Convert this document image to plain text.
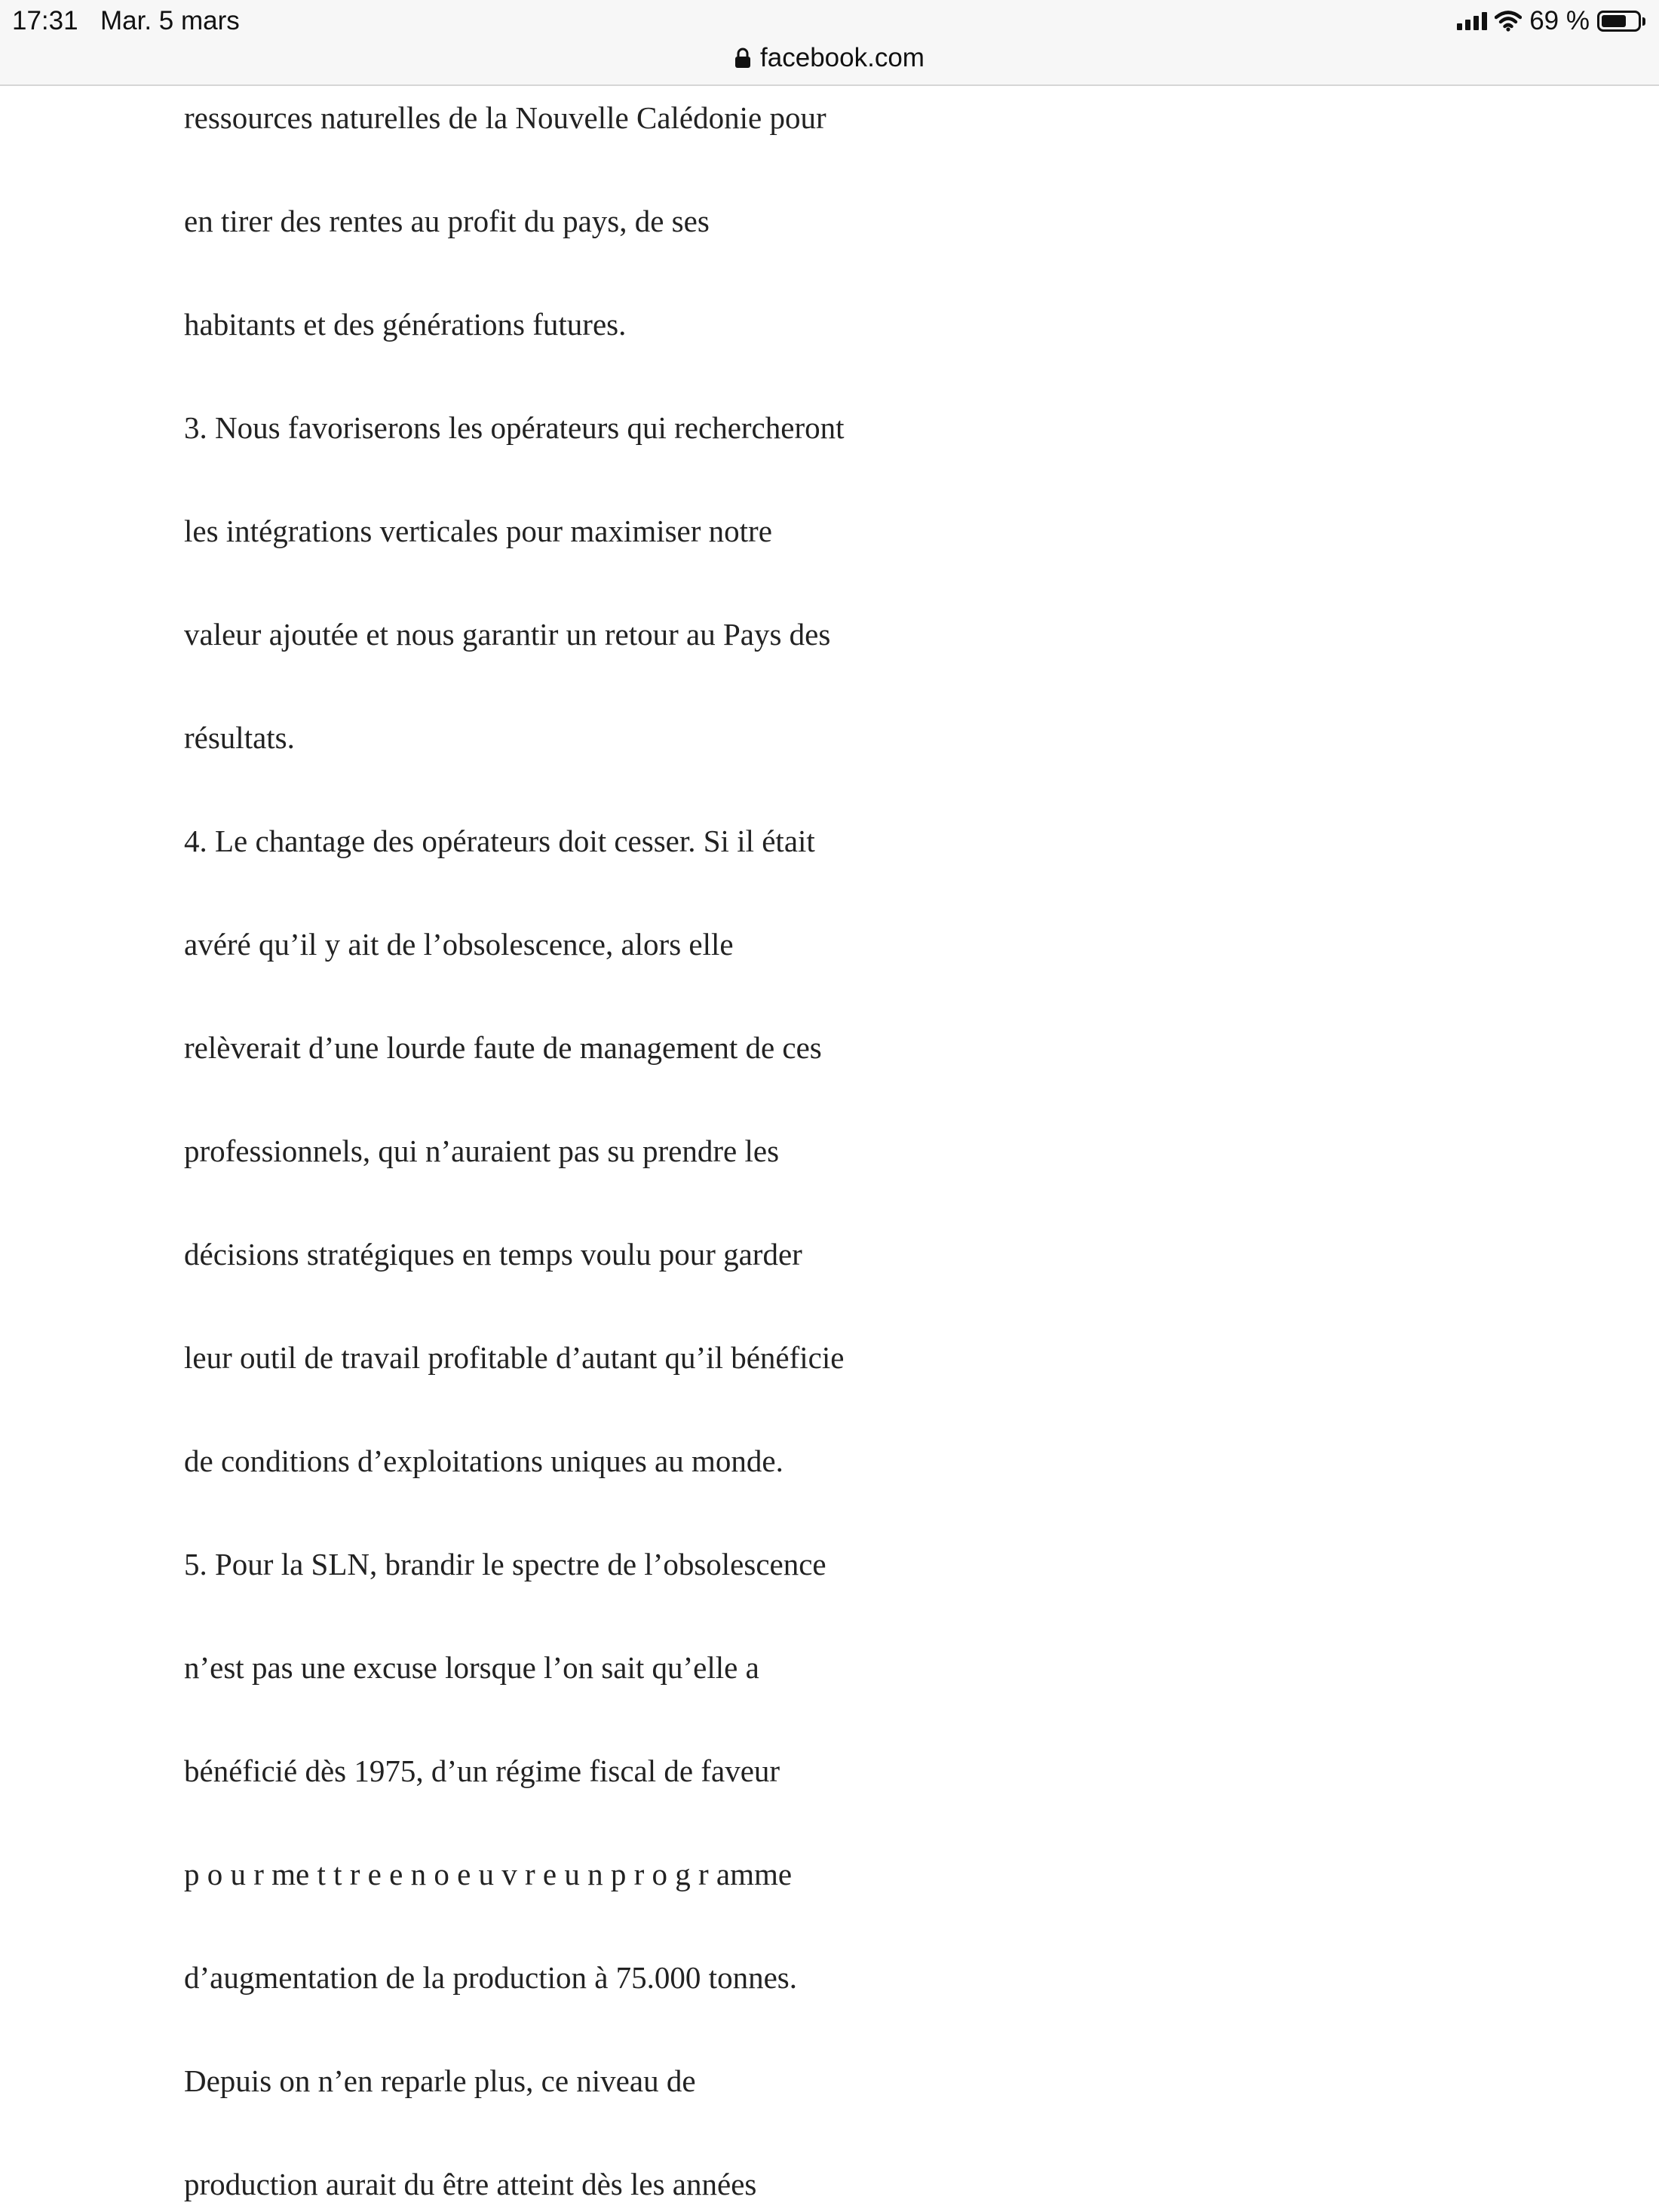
17:31 Mar. 5 mars	69 %
facebook.com

ressources naturelles de la Nouvelle Calédonie pour

en tirer des rentes au profit du pays, de ses

habitants et des générations futures.

3. Nous favoriserons les opérateurs qui rechercheront

les intégrations verticales pour maximiser notre

valeur ajoutée et nous garantir un retour au Pays des

résultats.

4. Le chantage des opérateurs doit cesser. Si il était

avéré qu’il y ait de l’obsolescence, alors elle

relèverait d’une lourde faute de management de ces

professionnels, qui n’auraient pas su prendre les

décisions stratégiques en temps voulu pour garder

leur outil de travail profitable d’autant qu’il bénéficie

de conditions d’exploitations uniques au monde.

5. Pour la SLN, brandir le spectre de l’obsolescence

n’est pas une excuse lorsque l’on sait qu’elle a

bénéficié dès 1975, d’un régime fiscal de faveur

p o u r me t t r e e n o e u v r e u n p r o g r amme

d’augmentation de la production à 75.000 tonnes.

Depuis on n’en reparle plus, ce niveau de

production aurait du être atteint dès les années
